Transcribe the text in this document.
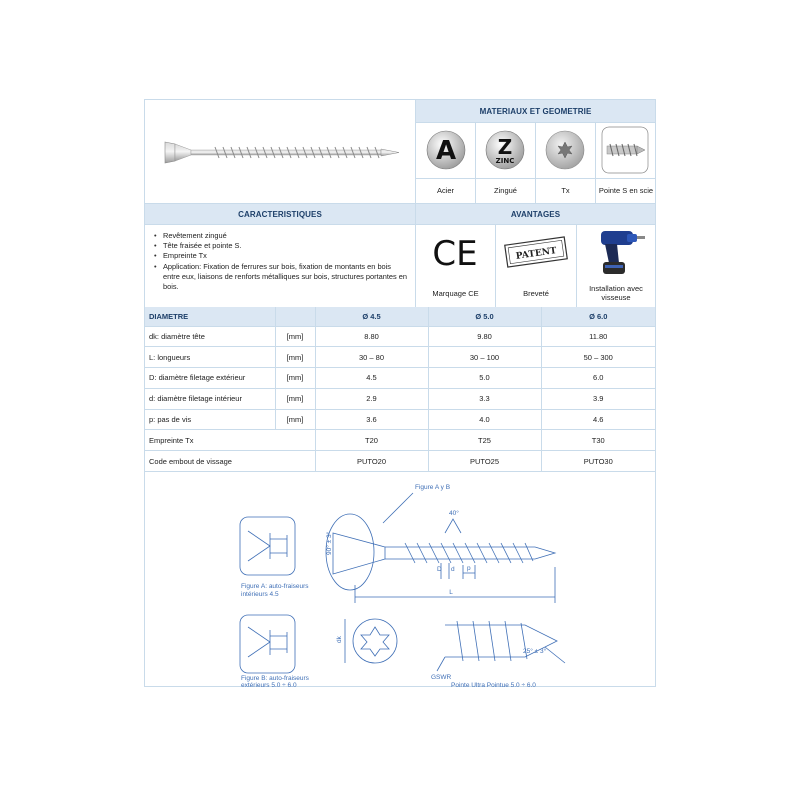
MATERIAUX ET GEOMETRIE
A Z
ZINC
Acier	Zingué	Tx	Pointe S en scie
CARACTERISTIQUES	AVANTAGES
• Revêtement zingué
• Tête fraisée et pointe S.
• Empreinte Tx
• Application: Fixation de ferrures sur bois, fixation de montants en bois entre eux, liaisons de renforts métalliques sur bois, structures portantes en bois.
CE	PATENT
Marquage CE	Breveté
Installation avec visseuse
DIAMETRE		Ø 4.5	Ø 5.0	Ø 6.0
dk: diamètre tête	[mm]	8.80	9.80	11.80
L: longueurs	[mm]	30 – 80	30 – 100	50 – 300
D: diamètre filetage extérieur	[mm]	4.5	5.0	6.0
d: diamètre filetage intérieur	[mm]	2.9	3.3	3.9
p: pas de vis	[mm]	3.6	4.0	4.6
Empreinte Tx		T20	T25	T30
Code embout de vissage		PUTO20	PUTO25	PUTO30
Figure A y B
40°
90° ± 3°
L
D d p
dk
Figure A: auto-fraiseurs
intérieurs 4.5
Figure B: auto-fraiseurs
extérieurs 5.0 ÷ 6.0
GSWR
25° ± 3°
Pointe Ultra Pointue 5.0 ÷ 6.0
